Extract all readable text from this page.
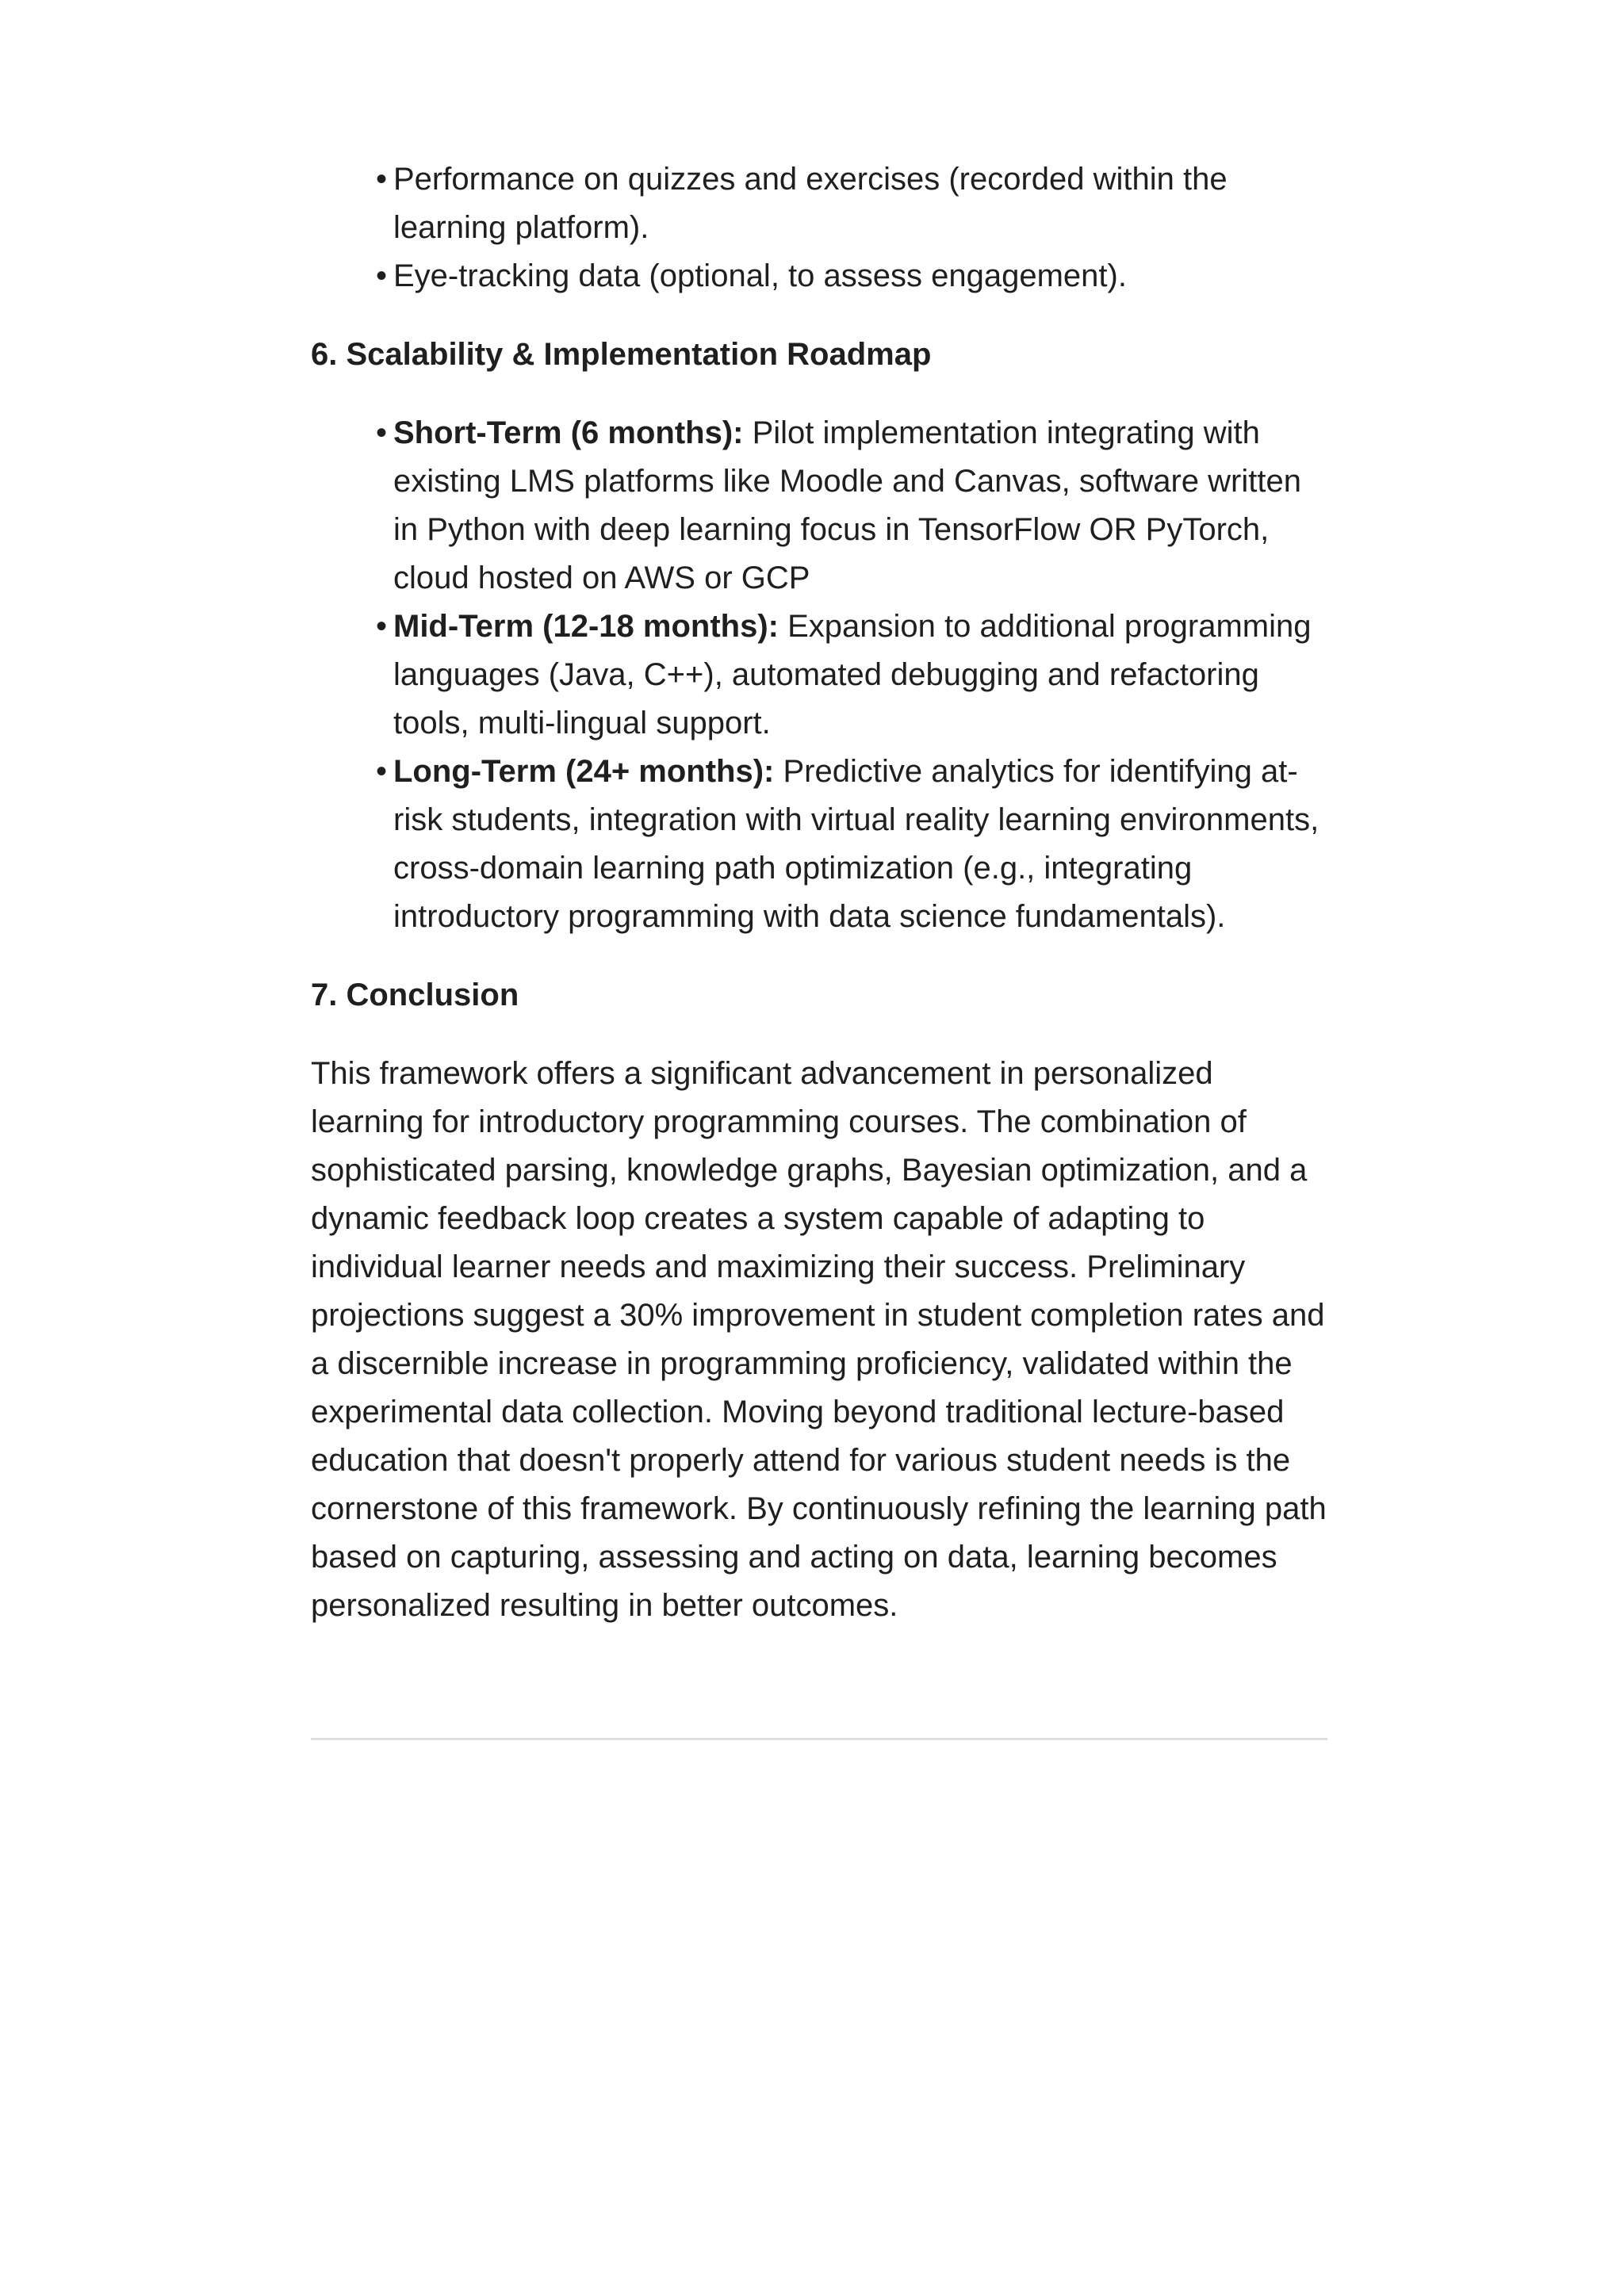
• Performance on quizzes and exercises (recorded within the learning platform).
• Eye-tracking data (optional, to assess engagement).
6. Scalability & Implementation Roadmap
• Short-Term (6 months): Pilot implementation integrating with existing LMS platforms like Moodle and Canvas, software written in Python with deep learning focus in TensorFlow OR PyTorch, cloud hosted on AWS or GCP
• Mid-Term (12-18 months): Expansion to additional programming languages (Java, C++), automated debugging and refactoring tools, multi-lingual support.
• Long-Term (24+ months): Predictive analytics for identifying at-risk students, integration with virtual reality learning environments, cross-domain learning path optimization (e.g., integrating introductory programming with data science fundamentals).
7. Conclusion

This framework offers a significant advancement in personalized learning for introductory programming courses. The combination of sophisticated parsing, knowledge graphs, Bayesian optimization, and a dynamic feedback loop creates a system capable of adapting to individual learner needs and maximizing their success. Preliminary projections suggest a 30% improvement in student completion rates and a discernible increase in programming proficiency, validated within the experimental data collection. Moving beyond traditional lecture-based education that doesn't properly attend for various student needs is the cornerstone of this framework. By continuously refining the learning path based on capturing, assessing and acting on data, learning becomes personalized resulting in better outcomes.
